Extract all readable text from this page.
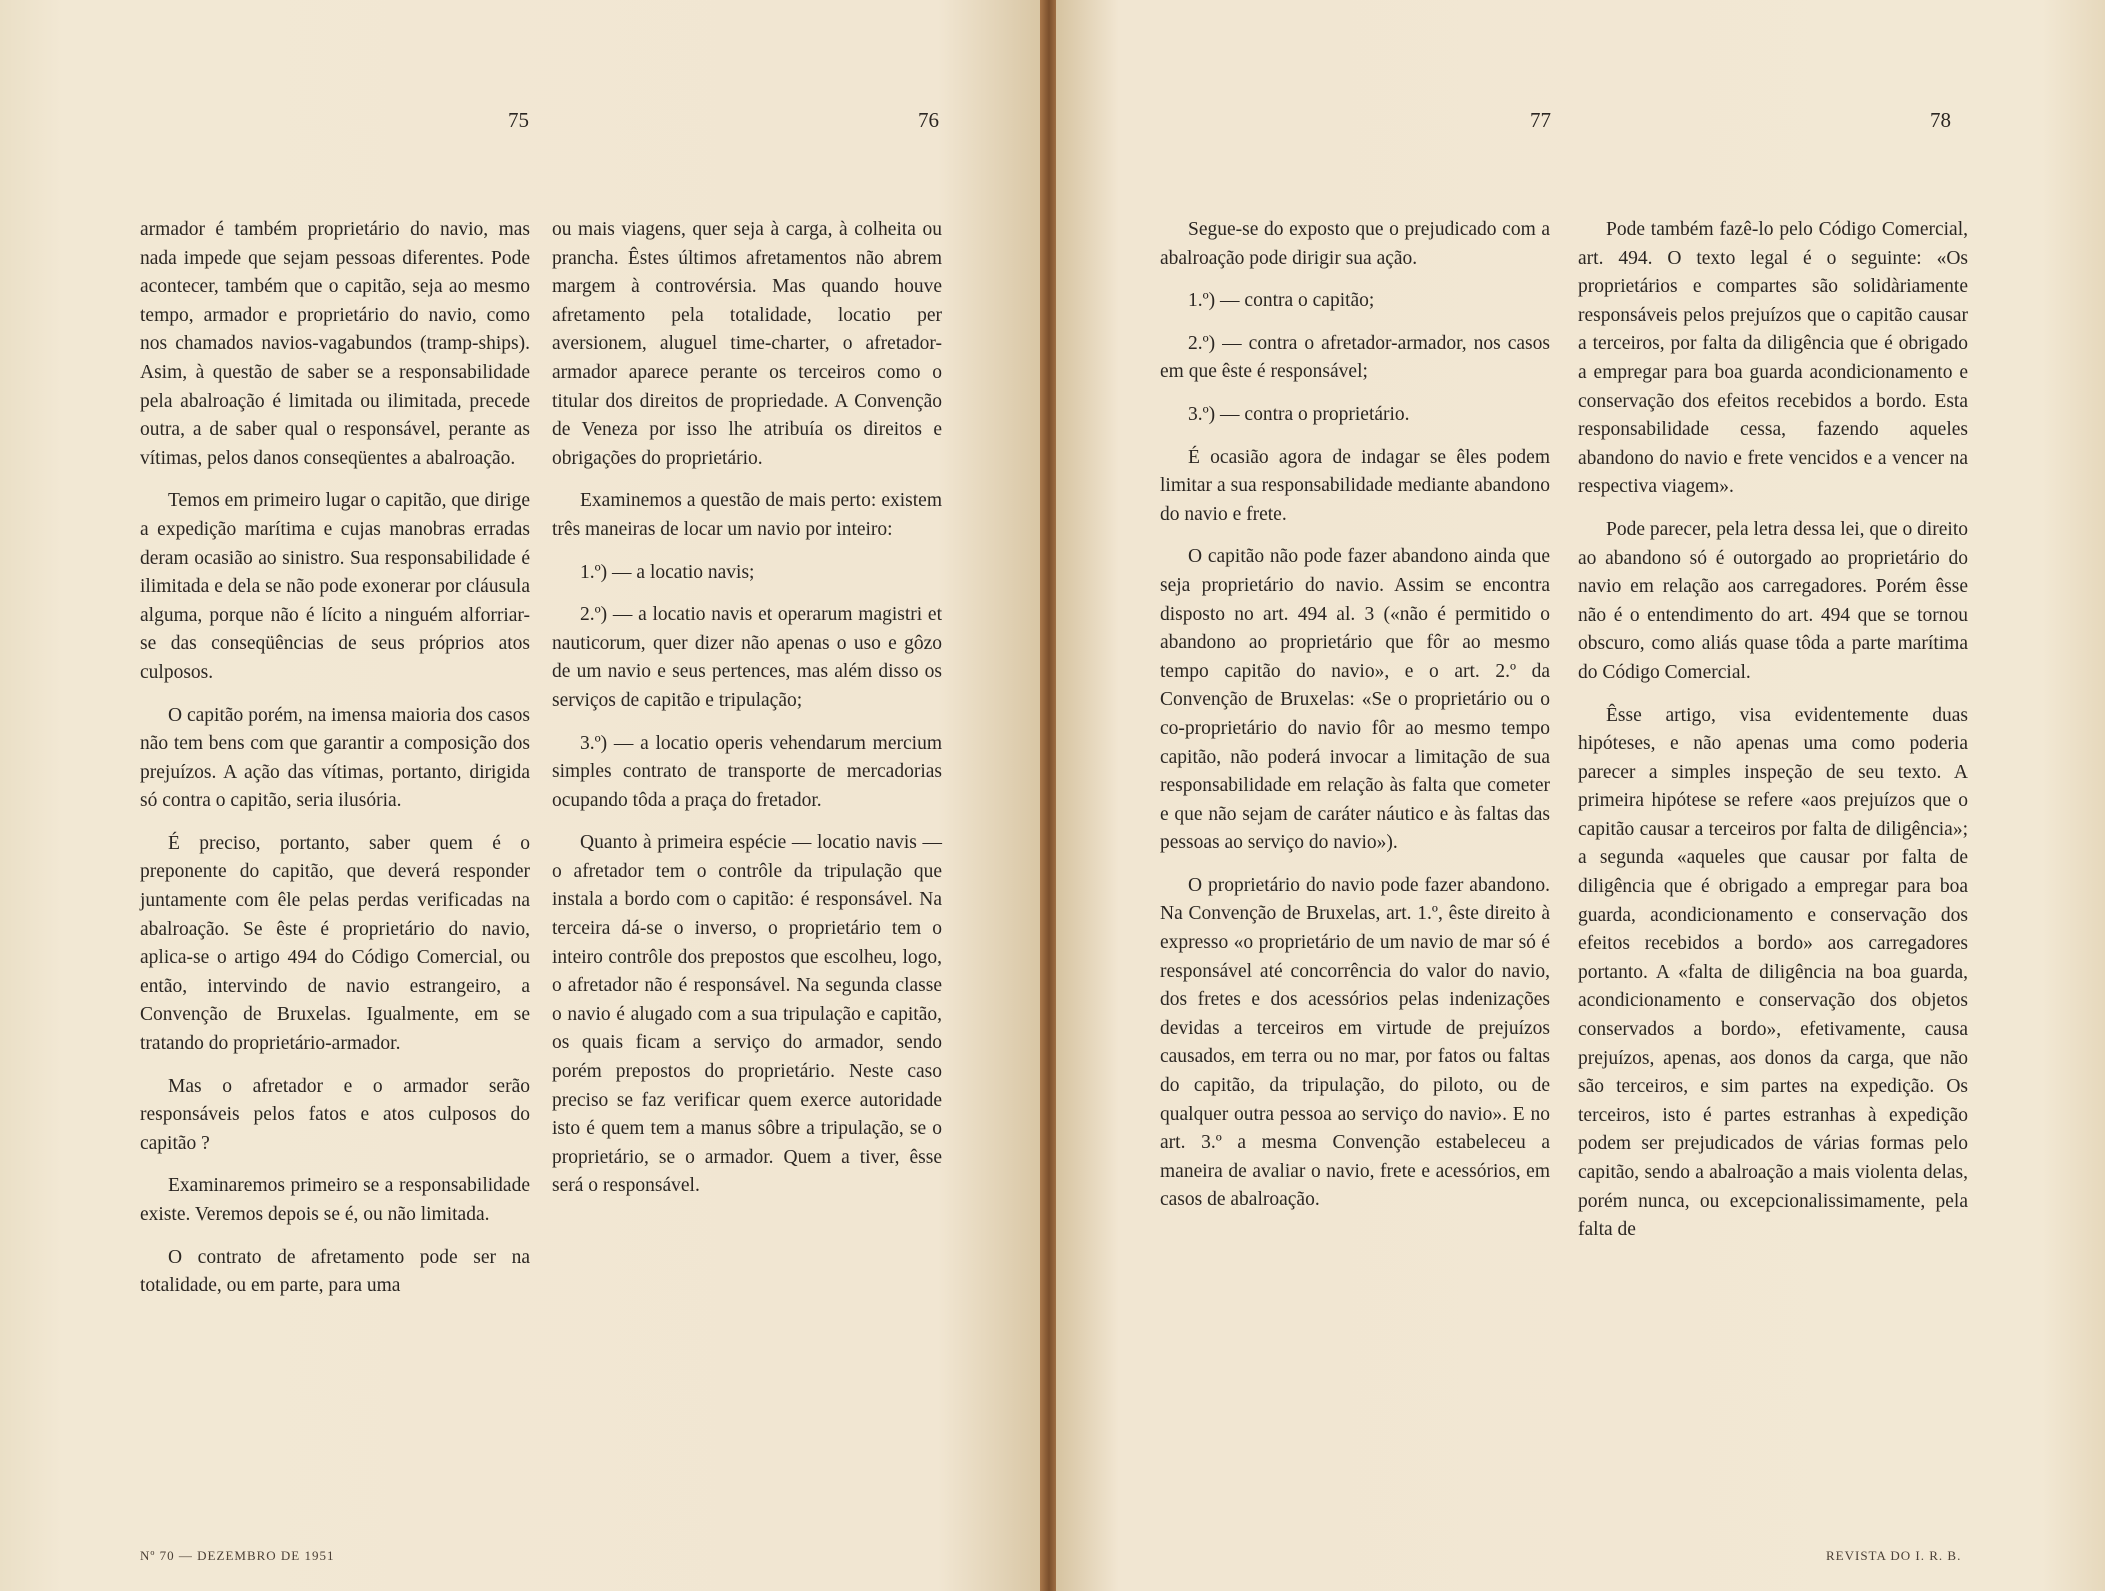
75	76

armador é também proprietário do navio, mas nada impede que sejam pessoas diferentes. Pode acontecer, também que o capitão, seja ao mesmo tempo, armador e proprietário do navio, como nos chamados navios-vagabundos (tramp-ships). Asim, à questão de saber se a responsabilidade pela abalroação é limitada ou ilimitada, precede outra, a de saber qual o responsável, perante as vítimas, pelos danos conseqüentes a abalroação.

Temos em primeiro lugar o capitão, que dirige a expedição marítima e cujas manobras erradas deram ocasião ao sinistro. Sua responsabilidade é ilimitada e dela se não pode exonerar por cláusula alguma, porque não é lícito a ninguém alforriar-se das conseqüências de seus próprios atos culposos.

O capitão porém, na imensa maioria dos casos não tem bens com que garantir a composição dos prejuízos. A ação das vítimas, portanto, dirigida só contra o capitão, seria ilusória.

É preciso, portanto, saber quem é o preponente do capitão, que deverá responder juntamente com êle pelas perdas verificadas na abalroação. Se êste é proprietário do navio, aplica-se o artigo 494 do Código Comercial, ou então, intervindo de navio estrangeiro, a Convenção de Bruxelas. Igualmente, em se tratando do proprietário-armador.

Mas o afretador e o armador serão responsáveis pelos fatos e atos culposos do capitão ?

Examinaremos primeiro se a responsabilidade existe. Veremos depois se é, ou não limitada.

O contrato de afretamento pode ser na totalidade, ou em parte, para uma

ou mais viagens, quer seja à carga, à colheita ou prancha. Êstes últimos afretamentos não abrem margem à controvérsia. Mas quando houve afretamento pela totalidade, locatio per aversionem, aluguel time-charter, o afretador-armador aparece perante os terceiros como o titular dos direitos de propriedade. A Convenção de Veneza por isso lhe atribuía os direitos e obrigações do proprietário.

Examinemos a questão de mais perto: existem três maneiras de locar um navio por inteiro:

1.º) — a locatio navis;

2.º) — a locatio navis et operarum magistri et nauticorum, quer dizer não apenas o uso e gôzo de um navio e seus pertences, mas além disso os serviços de capitão e tripulação;

3.º) — a locatio operis vehendarum mercium simples contrato de transporte de mercadorias ocupando tôda a praça do fretador.

Quanto à primeira espécie — locatio navis — o afretador tem o contrôle da tripulação que instala a bordo com o capitão: é responsável. Na terceira dá-se o inverso, o proprietário tem o inteiro contrôle dos prepostos que escolheu, logo, o afretador não é responsável. Na segunda classe o navio é alugado com a sua tripulação e capitão, os quais ficam a serviço do armador, sendo porém prepostos do proprietário. Neste caso preciso se faz verificar quem exerce autoridade isto é quem tem a manus sôbre a tripulação, se o proprietário, se o armador. Quem a tiver, êsse será o responsável.

Nº 70 — DEZEMBRO DE 1951
77	78

Segue-se do exposto que o prejudicado com a abalroação pode dirigir sua ação.

1.º) — contra o capitão;

2.º) — contra o afretador-armador, nos casos em que êste é responsável;

3.º) — contra o proprietário.

É ocasião agora de indagar se êles podem limitar a sua responsabilidade mediante abandono do navio e frete.

O capitão não pode fazer abandono ainda que seja proprietário do navio. Assim se encontra disposto no art. 494 al. 3 («não é permitido o abandono ao proprietário que fôr ao mesmo tempo capitão do navio», e o art. 2.º da Convenção de Bruxelas: «Se o proprietário ou o co-proprietário do navio fôr ao mesmo tempo capitão, não poderá invocar a limitação de sua responsabilidade em relação às falta que cometer e que não sejam de caráter náutico e às faltas das pessoas ao serviço do navio»).

O proprietário do navio pode fazer abandono. Na Convenção de Bruxelas, art. 1.º, êste direito à expresso «o proprietário de um navio de mar só é responsável até concorrência do valor do navio, dos fretes e dos acessórios pelas indenizações devidas a terceiros em virtude de prejuízos causados, em terra ou no mar, por fatos ou faltas do capitão, da tripulação, do piloto, ou de qualquer outra pessoa ao serviço do navio». E no art. 3.º a mesma Convenção estabeleceu a maneira de avaliar o navio, frete e acessórios, em casos de abalroação.

Pode também fazê-lo pelo Código Comercial, art. 494. O texto legal é o seguinte: «Os proprietários e compartes são solidàriamente responsáveis pelos prejuízos que o capitão causar a terceiros, por falta da diligência que é obrigado a empregar para boa guarda acondicionamento e conservação dos efeitos recebidos a bordo. Esta responsabilidade cessa, fazendo aqueles abandono do navio e frete vencidos e a vencer na respectiva viagem».

Pode parecer, pela letra dessa lei, que o direito ao abandono só é outorgado ao proprietário do navio em relação aos carregadores. Porém êsse não é o entendimento do art. 494 que se tornou obscuro, como aliás quase tôda a parte marítima do Código Comercial.

Êsse artigo, visa evidentemente duas hipóteses, e não apenas uma como poderia parecer a simples inspeção de seu texto. A primeira hipótese se refere «aos prejuízos que o capitão causar a terceiros por falta de diligência»; a segunda «aqueles que causar por falta de diligência que é obrigado a empregar para boa guarda, acondicionamento e conservação dos efeitos recebidos a bordo» aos carregadores portanto. A «falta de diligência na boa guarda, acondicionamento e conservação dos objetos conservados a bordo», efetivamente, causa prejuízos, apenas, aos donos da carga, que não são terceiros, e sim partes na expedição. Os terceiros, isto é partes estranhas à expedição podem ser prejudicados de várias formas pelo capitão, sendo a abalroação a mais violenta delas, porém nunca, ou excepcionalissimamente, pela falta de

REVISTA DO I. R. B.
